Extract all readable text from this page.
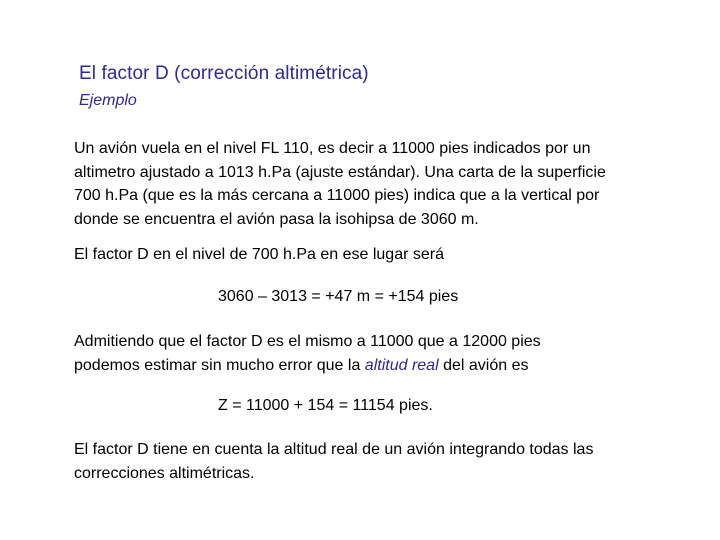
El factor D (corrección altimétrica)
Ejemplo

Un avión vuela en el nivel FL 110, es decir a 11000 pies indicados por un
altimetro ajustado a 1013 h.Pa (ajuste estándar). Una carta de la superficie
700 h.Pa (que es la más cercana a 11000 pies) indica que a la vertical por
donde se encuentra el avión pasa la isohipsa de 3060 m.

El factor D en el nivel de 700 h.Pa en ese lugar será

3060 – 3013 = +47 m = +154 pies

Admitiendo que el factor D es el mismo a 11000 que a 12000 pies
podemos estimar sin mucho error que la altitud real del avión es

Z = 11000 + 154 = 11154 pies.

El factor D tiene en cuenta la altitud real de un avión integrando todas las
correcciones altimétricas.
